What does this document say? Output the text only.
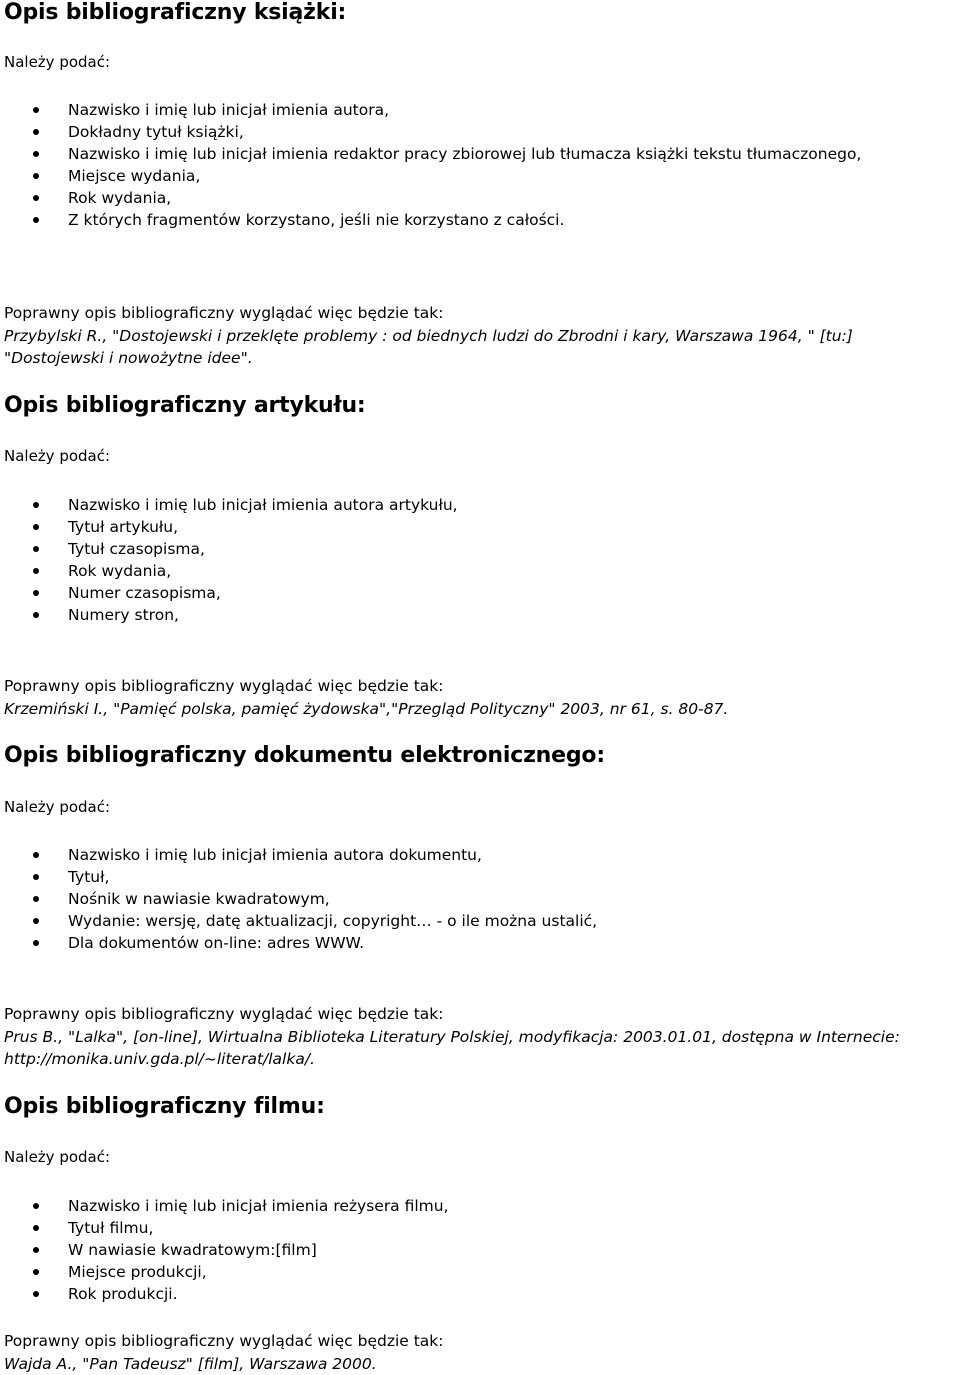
Opis bibliograficzny książki:
Należy podać:
Nazwisko i imię lub inicjał imienia autora,
Dokładny tytuł książki,
Nazwisko i imię lub inicjał imienia redaktor pracy zbiorowej lub tłumacza książki tekstu tłumaczonego,
Miejsce wydania,
Rok wydania,
Z których fragmentów korzystano, jeśli nie korzystano z całości.
Poprawny opis bibliograficzny wyglądać więc będzie tak:
Przybylski R., "Dostojewski i przeklęte problemy : od biednych ludzi do Zbrodni i kary, Warszawa 1964, " [tu:] "Dostojewski i nowożytne idee".
Opis bibliograficzny artykułu:
Należy podać:
Nazwisko i imię lub inicjał imienia autora artykułu,
Tytuł artykułu,
Tytuł czasopisma,
Rok wydania,
Numer czasopisma,
Numery stron,
Poprawny opis bibliograficzny wyglądać więc będzie tak:
Krzemiński I., "Pamięć polska, pamięć żydowska","Przegląd Polityczny" 2003, nr 61, s. 80-87.
Opis bibliograficzny dokumentu elektronicznego:
Należy podać:
Nazwisko i imię lub inicjał imienia autora dokumentu,
Tytuł,
Nośnik w nawiasie kwadratowym,
Wydanie: wersję, datę aktualizacji, copyright… - o ile można ustalić,
Dla dokumentów on-line: adres WWW.
Poprawny opis bibliograficzny wyglądać więc będzie tak:
Prus B., "Lalka", [on-line], Wirtualna Biblioteka Literatury Polskiej, modyfikacja: 2003.01.01, dostępna w Internecie: http://monika.univ.gda.pl/~literat/lalka/.
Opis bibliograficzny filmu:
Należy podać:
Nazwisko i imię lub inicjał imienia reżysera filmu,
Tytuł filmu,
W nawiasie kwadratowym:[film]
Miejsce produkcji,
Rok produkcji.
Poprawny opis bibliograficzny wyglądać więc będzie tak:
Wajda A., "Pan Tadeusz" [film], Warszawa 2000.
